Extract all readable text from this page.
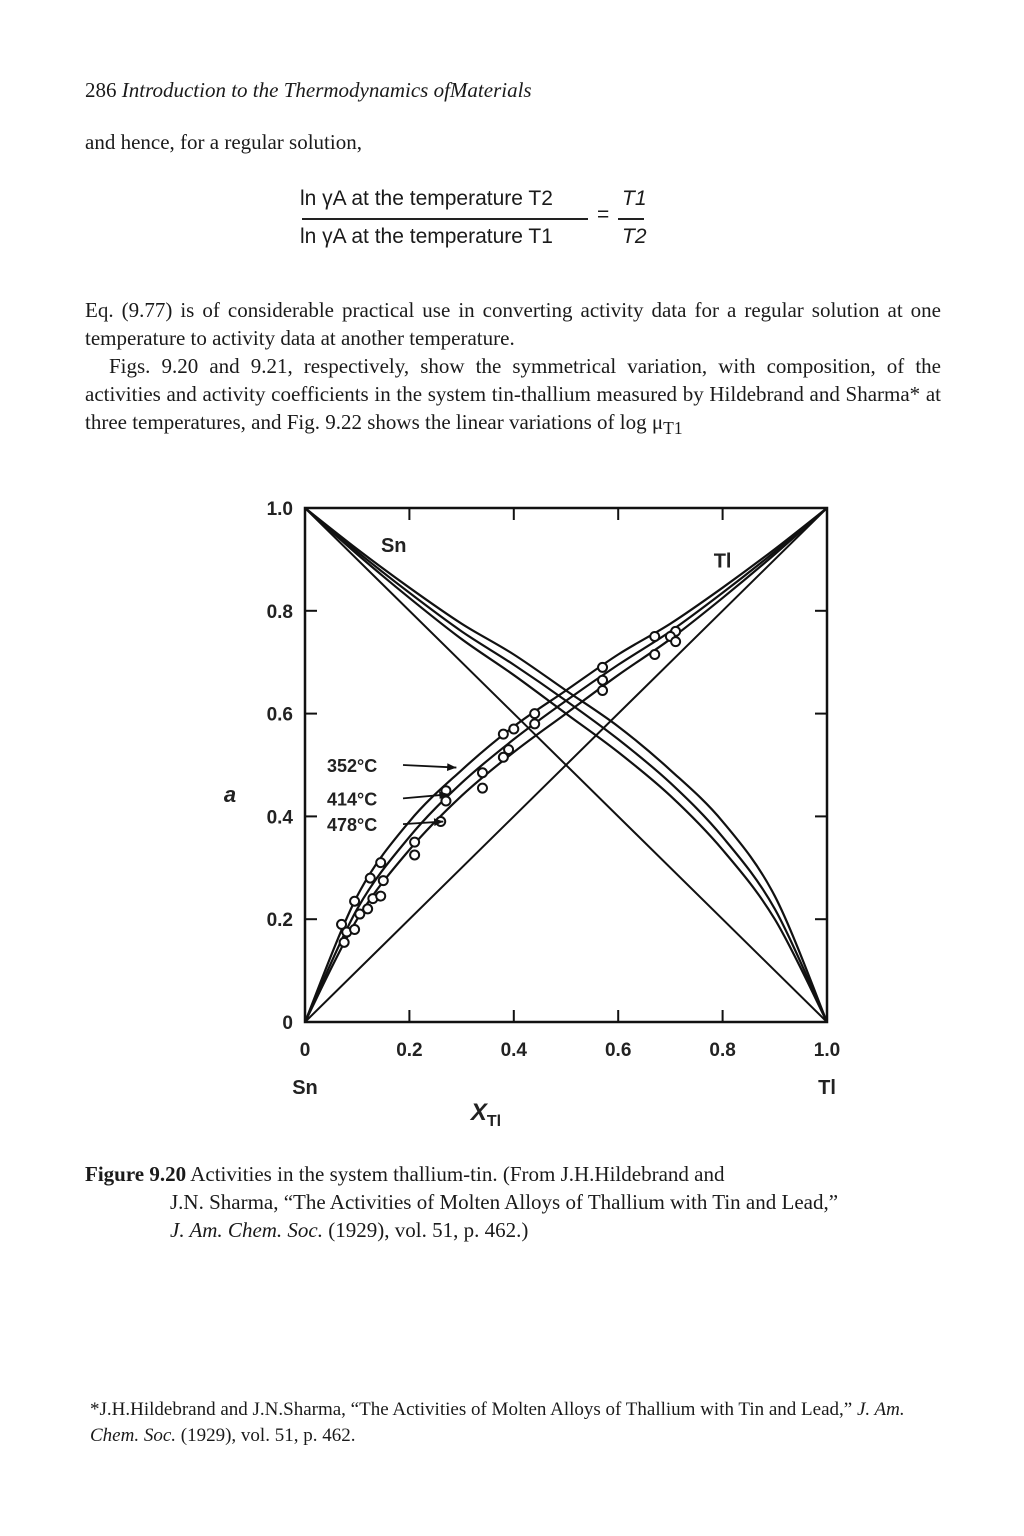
286 Introduction to the Thermodynamics ofMaterials
and hence, for a regular solution,
ln γA at the temperature T2
ln γA at the temperature T1
=
T1
T2

Eq. (9.77) is of considerable practical use in converting activity data for a regular solution at one temperature to activity data at another temperature.

Figs. 9.20 and 9.21, respectively, show the symmetrical variation, with composition, of the activities and activity coefficients in the system tin-thallium measured by Hildebrand and Sharma* at three temperatures, and Fig. 9.22 shows the linear variations of $\log \mu_{T1}$

0
0
0.2
0.2
0.4
0.4
0.6
0.6
0.8
0.8
1.0
1.0
Sn	Tl
$X_{Tl}$
a
Sn
Tl
352°C
414°C
478°C
Figure 9.20 Activities in the system thallium-tin. (From J.H.Hildebrand and
J.N. Sharma, “The Activities of Molten Alloys of Thallium with Tin and Lead,”
J. Am. Chem. Soc. (1929), vol. 51, p. 462.)
*J.H.Hildebrand and J.N.Sharma, “The Activities of Molten Alloys of Thallium with Tin and Lead,” J. Am. Chem. Soc. (1929), vol. 51, p. 462.
